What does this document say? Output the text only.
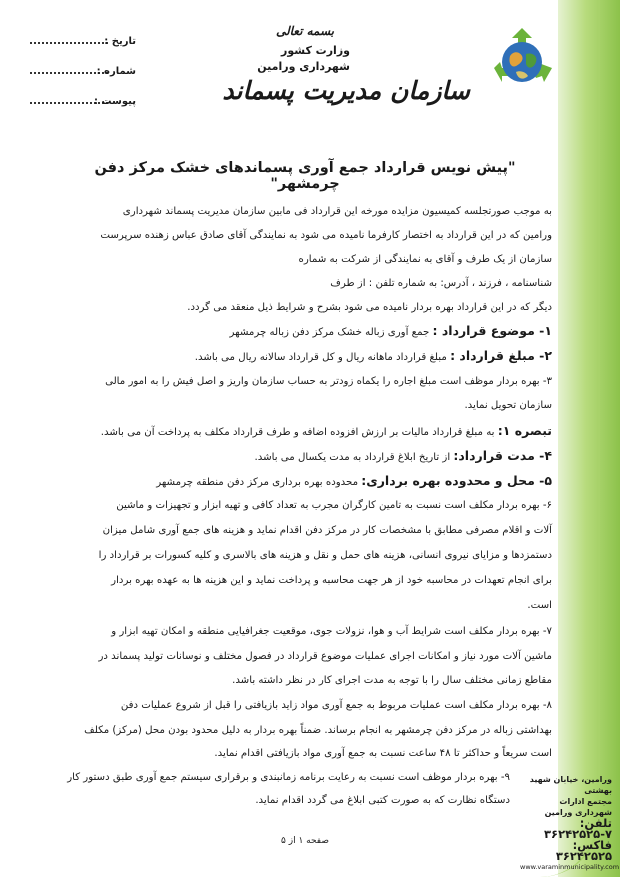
تاریخ :
شماره :
پیوست :
بسمه تعالی
وزارت کشور
شهرداری ورامین
سازمان مدیریت پسماند
"پیش نویس قرارداد جمع آوری پسماندهای خشک مرکز دفن چرمشهر"
به موجب صورتجلسه کمیسیون مزایده مورخه این قرارداد فی مابین سازمان مدیریت پسماند شهرداری
ورامین که در این قرارداد به اختصار کارفرما نامیده می شود به نمایندگی آقای صادق عباس زهنده سرپرست
سازمان از یک طرف و آقای به نمایندگی از شرکت به شماره
شناسنامه ، فرزند ، آدرس: به شماره تلفن : از طرف
دیگر که در این قرارداد بهره بردار نامیده می شود بشرح و شرایط ذیل منعقد می گردد.
۱- موضوع قرارداد : جمع آوری زباله خشک مرکز دفن زباله چرمشهر
۲- مبلغ قرارداد : مبلغ قرارداد ماهانه ریال و کل قرارداد سالانه ریال می باشد.
۳- بهره بردار موظف است مبلغ اجاره را یکماه زودتر به حساب سازمان واریز و اصل فیش را به امور مالی
سازمان تحویل نماید.
تبصره ۱: به مبلغ قرارداد مالیات بر ارزش افزوده اضافه و طرف قرارداد مکلف به پرداخت آن می باشد.
۴- مدت قرارداد: از تاریخ ابلاغ قرارداد به مدت یکسال می باشد.
۵- محل و محدوده بهره برداری: محدوده بهره برداری مرکز دفن منطقه چرمشهر
۶- بهره بردار مکلف است نسبت به تامین کارگران مجرب به تعداد کافی و تهیه ابزار و تجهیزات و ماشین
آلات و اقلام مصرفی مطابق با مشخصات کار در مرکز دفن اقدام نماید و هزینه های جمع آوری شامل میزان
دستمزدها و مزایای نیروی انسانی، هزینه های حمل و نقل و هزینه های بالاسری و کلیه کسورات بر قرارداد را
برای انجام تعهدات در محاسبه خود از هر جهت محاسبه و پرداخت نماید و این هزینه ها به عهده بهره بردار
است.
۷- بهره بردار مکلف است شرایط آب و هوا، نزولات جوی، موقعیت جغرافیایی منطقه و امکان تهیه ابزار و
ماشین آلات مورد نیاز و امکانات اجرای عملیات موضوع قرارداد در فصول مختلف و نوسانات تولید پسماند در
مقاطع زمانی مختلف سال را با توجه به مدت اجرای کار در نظر داشته باشد.
۸- بهره بردار مکلف است عملیات مربوط به جمع آوری مواد زاید بازیافتی را قبل از شروع عملیات دفن
بهداشتی زباله در مرکز دفن چرمشهر به انجام برساند. ضمناً بهره بردار به دلیل محدود بودن محل (مرکز) مکلف
است سریعاً و حداکثر تا ۴۸ ساعت نسبت به جمع آوری مواد بازیافتی اقدام نماید.
۹- بهره بردار موظف است نسبت به رعایت برنامه زمانبندی و برقراری سیستم جمع آوری طبق دستور کار
دستگاه نظارت که به صورت کتبی ابلاغ می گردد اقدام نماید.
صفحه ۱ از ۵
ورامین، خیابان شهید بهشتی
مجتمع ادارات
شهرداری ورامین
تلفن: ۷-۳۶۲۴۲۵۲۵
فاکس: ۳۶۲۴۲۵۲۵
www.varaminmunicipality.com
